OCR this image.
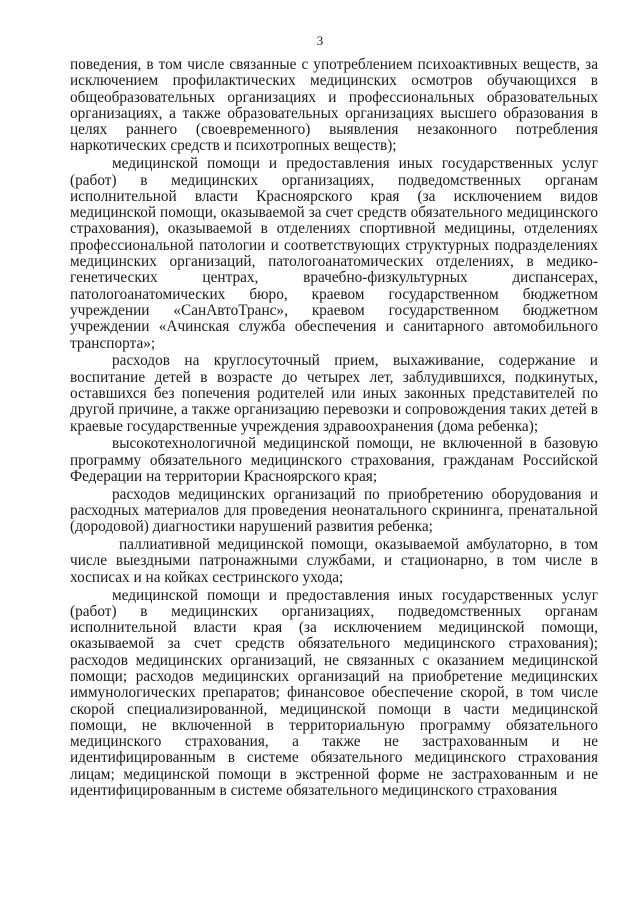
3

поведения, в том числе связанные с употреблением психоактивных веществ, за исключением профилактических медицинских осмотров обучающихся в общеобразовательных организациях и профессиональных образовательных организациях, а также образовательных организациях высшего образования в целях раннего (своевременного) выявления незаконного потребления наркотических средств и психотропных веществ);

медицинской помощи и предоставления иных государственных услуг (работ) в медицинских организациях, подведомственных органам исполнительной власти Красноярского края (за исключением видов медицинской помощи, оказываемой за счет средств обязательного медицинского страхования), оказываемой в отделениях спортивной медицины, отделениях профессиональной патологии и соответствующих структурных подразделениях медицинских организаций, патологоанатомических отделениях, в медико-генетических центрах, врачебно-физкультурных диспансерах, патологоанатомических бюро, краевом государственном бюджетном учреждении «СанАвтоТранс», краевом государственном бюджетном учреждении «Ачинская служба обеспечения и санитарного автомобильного транспорта»;

расходов на круглосуточный прием, выхаживание, содержание и воспитание детей в возрасте до четырех лет, заблудившихся, подкинутых, оставшихся без попечения родителей или иных законных представителей по другой причине, а также организацию перевозки и сопровождения таких детей в краевые государственные учреждения здравоохранения (дома ребенка);

высокотехнологичной медицинской помощи, не включенной в базовую программу обязательного медицинского страхования, гражданам Российской Федерации на территории Красноярского края;

расходов медицинских организаций по приобретению оборудования и расходных материалов для проведения неонатального скрининга, пренатальной (дородовой) диагностики нарушений развития ребенка;

паллиативной медицинской помощи, оказываемой амбулаторно, в том числе выездными патронажными службами, и стационарно, в том числе в хосписах и на койках сестринского ухода;

медицинской помощи и предоставления иных государственных услуг (работ) в медицинских организациях, подведомственных органам исполнительной власти края (за исключением медицинской помощи, оказываемой за счет средств обязательного медицинского страхования); расходов медицинских организаций, не связанных с оказанием медицинской помощи; расходов медицинских организаций на приобретение медицинских иммунологических препаратов; финансовое обеспечение скорой, в том числе скорой специализированной, медицинской помощи в части медицинской помощи, не включенной в территориальную программу обязательного медицинского страхования, а также не застрахованным и не идентифицированным в системе обязательного медицинского страхования лицам; медицинской помощи в экстренной форме не застрахованным и не идентифицированным в системе обязательного медицинского страхования
